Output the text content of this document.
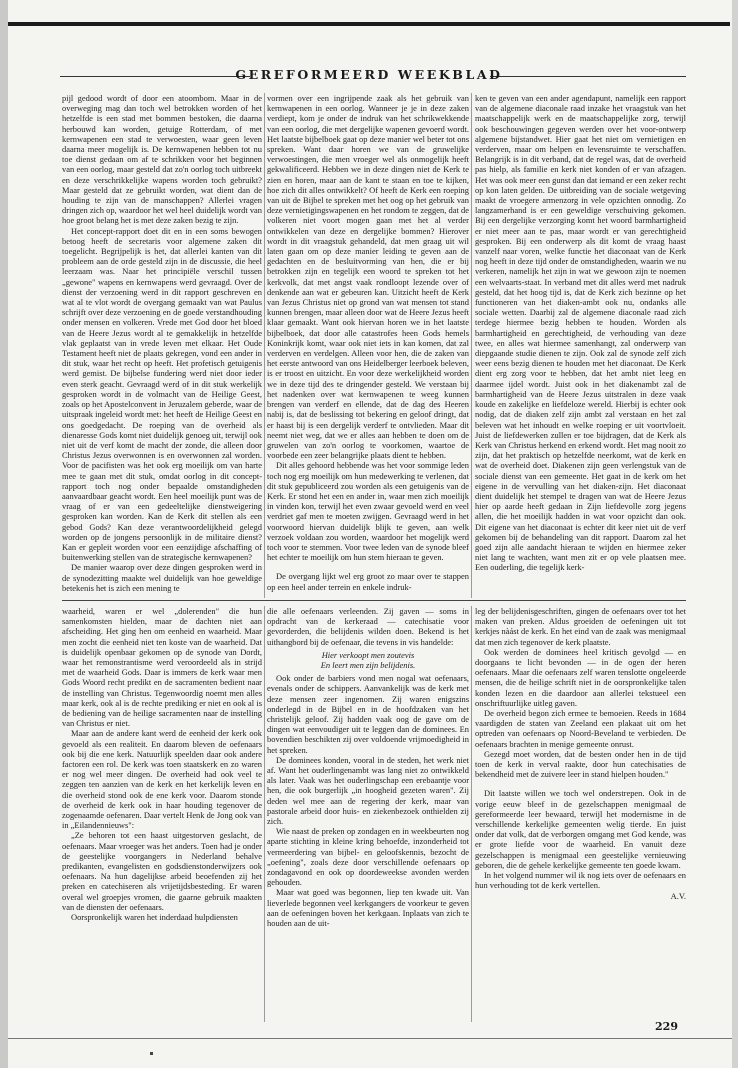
GEREFORMEERD WEEKBLAD

pijl gedood wordt of door een atoombom. Maar in de overweging mag dan toch wel betrokken worden of het hetzelfde is een stad met bommen bestoken, die daarna herbouwd kan worden, getuige Rotterdam, of met kernwapenen een stad te verwoesten, waar geen leven daarna meer mogelijk is. De kernwapenen hebben tot nu toe dienst gedaan om af te schrikken voor het beginnen van een oorlog, maar gesteld dat zo'n oorlog toch uitbreekt en deze verschrikkelijke wapens worden toch gebruikt? Maar gesteld dat ze gebruikt worden, wat dient dan de houding te zijn van de manschappen? Allerlei vragen dringen zich op, waardoor het wel heel duidelijk wordt van hoe groot belang het is met deze zaken bezig te zijn.

Het concept-rapport doet dit en in een soms bewogen betoog heeft de secretaris voor algemene zaken dit toegelicht. Begrijpelijk is het, dat allerlei kanten van dit probleem aan de orde gesteld zijn in de discussie, die heel leerzaam was. Naar het principiële verschil tussen „gewone" wapens en kernwapens werd gevraagd. Over de dienst der verzoening werd in dit rapport geschreven en wat al te vlot wordt de overgang gemaakt van wat Paulus schrijft over deze verzoening en de goede verstandhouding onder mensen en volkeren. Vrede met God door het bloed van de Heere Jezus wordt al te gemakkelijk in hetzelfde vlak geplaatst van in vrede leven met elkaar. Het Oude Testament heeft niet de plaats gekregen, vond een ander in dit stuk, waar het recht op heeft. Het profetisch getuigenis werd gemist. De bijbelse fundering werd niet door ieder even sterk geacht. Gevraagd werd of in dit stuk werkelijk gesproken wordt in de volmacht van de Heilige Geest, zoals op het Apostelconvent in Jeruzalem geberde, waar de uitspraak ingeleid wordt met: het heeft de Heilige Geest en ons goedgedacht. De roeping van de overheid als dienaresse Gods komt niet duidelijk genoeg uit, terwijl ook niet uit de verf komt de macht der zonde, die alleen door Christus Jezus overwonnen is en overwonnen zal worden. Voor de pacifisten was het ook erg moeilijk om van harte mee te gaan met dit stuk, omdat oorlog in dit concept-rapport toch nog onder bepaalde omstandigheden aanvaardbaar geacht wordt. Een heel moeilijk punt was de vraag of er van een gedeeltelijke dienstweigering gesproken kan worden. Kan de Kerk dit stellen als een gebod Gods? Kan deze verantwoordelijkheid gelegd worden op de jongens persoonlijk in de militaire dienst? Kan er gepleit worden voor een eenzijdige afschaffing of buitenwerking stellen van de strategische kernwapenen?

De manier waarop over deze dingen gesproken werd in de synodezitting maakte wel duidelijk van hoe geweldige betekenis het is zich een mening te

vormen over een ingrijpende zaak als het gebruik van kernwapenen in een oorlog. Wanneer je je in deze zaken verdiept, kom je onder de indruk van het schrikwekkende van een oorlog, die met dergelijke wapenen gevoerd wordt. Het laatste bijbelboek gaat op deze manier wel beter tot ons spreken. Want daar horen we van de gruwelijke verwoestingen, die men vroeger wel als onmogelijk heeft gekwalificeerd. Hebben we in deze dingen niet de Kerk te zien en horen, maar aan de kant te staan en toe te kijken, hoe zich dit alles ontwikkelt? Of heeft de Kerk een roeping van uit de Bijbel te spreken met het oog op het gebruik van deze vernietigingswapenen en het rondom te zeggen, dat de volkeren niet voort mogen gaan met het al verder ontwikkelen van deze en dergelijke bommen? Hierover wordt in dit vraagstuk gehandeld, dat men graag uit wil laten gaan om op deze manier leiding te geven aan de gedachten en de besluitvorming van hen, die er bij betrokken zijn en tegelijk een woord te spreken tot het kerkvolk, dat met angst vaak rondloopt lezende over of denkende aan wat er gebeuren kan. Uitzicht heeft de Kerk van Jezus Christus niet op grond van wat mensen tot stand kunnen brengen, maar alleen door wat de Heere Jezus heeft klaar gemaakt. Want ook hiervan horen we in het laatste bijbelboek, dat door alle catastrofes heen Gods hemels Koninkrijk komt, waar ook niet iets in kan komen, dat zal verderven en verdelgen. Alleen voor hen, die de zaken van het eerste antwoord van ons Heidelberger leerboek beleven, is er troost en uitzicht. En voor deze werkelijkheid worden we in deze tijd des te dringender gesteld. We verstaan bij het nadenken over wat kernwapenen te weeg kunnen brengen van verderf en ellende, dat de dag des Heeren nabij is, dat de beslissing tot bekering en geloof dringt, dat er haast bij is een dergelijk verderf te ontvlieden. Maar dit neemt niet weg, dat we er alles aan hebben te doen om de gruwelen van zo'n oorlog te voorkomen, waartoe de voorbede een zeer belangrijke plaats dient te hebben.

Dit alles gehoord hebbende was het voor sommige leden toch nog erg moeilijk om hun medewerking te verlenen, dat dit stuk gepubliceerd zou worden als een getuigenis van de Kerk. Er stond het een en ander in, waar men zich moeilijk in vinden kon, terwijl het even zwaar gevoeld werd en veel verdriet gaf men te moeten zwijgen. Gevraagd werd in het voorwoord hiervan duidelijk blijk te geven, aan welk verzoek voldaan zou worden, waardoor het mogelijk werd toch voor te stemmen. Voor twee leden van de synode bleef het echter te moeilijk om hun stem hieraan te geven.

De overgang lijkt wel erg groot zo maar over te stappen op een heel ander terrein en enkele indruk-

ken te geven van een ander agendapunt, namelijk een rapport van de algemene diaconale raad inzake het vraagstuk van het maatschappelijk werk en de maatschappelijke zorg, terwijl ook beschouwingen gegeven werden over het voor-ontwerp algemene bijstandwet. Hier gaat het niet om vernietigen en verderven, maar om helpen en levensruimte te verschaffen. Belangrijk is in dit verband, dat de regel was, dat de overheid pas hielp, als familie en kerk niet konden of er van afzagen. Het was ook meer een gunst dan dat iemand er een zeker recht op kon laten gelden. De uitbreiding van de sociale wetgeving maakt de vroegere armenzorg in vele opzichten onnodig. Zo langzamerhand is er een geweldige verschuiving gekomen. Bij een dergelijke verzorging komt het woord barmhartigheid er niet meer aan te pas, maar wordt er van gerechtigheid gesproken. Bij een onderwerp als dit komt de vraag haast vanzelf naar voren, welke functie het diaconaat van de Kerk nog heeft in deze tijd onder de omstandigheden, waarin we nu verkeren, namelijk het zijn in wat we gewoon zijn te noemen een welvaarts-staat. In verband met dit alles werd met nadruk gesteld, dat het hoog tijd is, dat de Kerk zich bezinne op het functioneren van het diaken-ambt ook nu, ondanks alle sociale wetten. Daarbij zal de algemene diaconale raad zich terdege hiermee bezig hebben te houden. Worden als barmhartigheid en gerechtigheid, de verhouding van deze twee, en alles wat hiermee samenhangt, zal onderwerp van diepgaande studie dienen te zijn. Ook zal de synode zelf zich weer eens bezig dienen te houden met het diaconaat. De Kerk dient erg zorg voor te hebben, dat het ambt niet leeg en daarmee ijdel wordt. Juist ook in het diakenambt zal de barmhartigheid van de Heere Jezus uitstralen in deze vaak koude en zakelijke en liefdeloze wereld. Hierbij is echter ook nodig, dat de diaken zelf zijn ambt zal verstaan en het zal beleven wat het inhoudt en welke roeping er uit voortvloeit. Juist de liefdewerken zullen er toe bijdragen, dat de Kerk als Kerk van Christus herkend en erkend wordt. Het mag nooit zo zijn, dat het praktisch op hetzelfde neerkomt, wat de kerk en wat de overheid doet. Diakenen zijn geen verlengstuk van de sociale dienst van een gemeente. Het gaat in de kerk om het eigene in de vervulling van het diaken-zijn. Het diaconaat dient duidelijk het stempel te dragen van wat de Heere Jezus hier op aarde heeft gedaan in Zijn liefdevolle zorg jegens allen, die het moeilijk hadden in wat voor opzicht dan ook. Dit eigene van het diaconaat is echter dit keer niet uit de verf gekomen bij de behandeling van dit rapport. Daarom zal het goed zijn alle aandacht hieraan te wijden en hiermee zeker niet lang te wachten, want men zit er op vele plaatsen mee. Een ouderling, die tegelijk kerk-

waarheid, waren er wel „dolerenden" die hun samenkomsten hielden, maar de dachten niet aan afscheiding. Het ging hen om eenheid en waarheid. Maar men zocht die eenheid niet ten koste van de waarheid. Dat is duidelijk openbaar gekomen op de synode van Dordt, waar het remonstrantisme werd veroordeeld als in strijd met de waarheid Gods. Daar is immers de kerk waar men Gods Woord recht predikt en de sacramenten bedient naar de instelling van Christus. Tegenwoordig noemt men alles maar kerk, ook al is de rechte prediking er niet en ook al is de bediening van de heilige sacramenten naar de instelling van Christus er niet.

Maar aan de andere kant werd de eenheid der kerk ook gevoeld als een realiteit. En daarom bleven de oefenaars ook bij die ene kerk. Natuurlijk speelden daar ook andere factoren een rol. De kerk was toen staatskerk en zo waren er nog wel meer dingen. De overheid had ook veel te zeggen ten aanzien van de kerk en het kerkelijk leven en die overheid stond ook de ene kerk voor. Daarom stonde de overheid de kerk ook in haar houding tegenover de zogenaamde oefenaren. Daar vertelt Henk de Jong ook van in „Eilandennieuws":

„Ze behoren tot een haast uitgestorven geslacht, de oefenaars. Maar vroeger was het anders. Toen had je onder de geestelijke voorgangers in Nederland behalve predikanten, evangelisten en godsdienstonderwijzers ook oefenaars. Na hun dagelijkse arbeid beoefenden zij het preken en catechiseren als vrijetijdsbesteding. Er waren overal wel groepjes vromen, die gaarne gebruik maakten van de diensten der oefenaars.

Oorspronkelijk waren het inderdaad hulpdiensten

die alle oefenaars verleenden. Zij gaven — soms in opdracht van de kerkeraad — catechisatie voor gevorderden, die belijdenis wilden doen. Bekend is het uithangbord bij de oefenaar, die tevens in vis handelde:

Hier verkoopt men zoutevis
En leert men zijn belijdenis.

Ook onder de barbiers vond men nogal wat oefenaars, evenals onder de schippers. Aanvankelijk was de kerk met deze mensen zeer ingenomen. Zij waren enigszins onderlegd in de Bijbel en in de hoofdzaken van het christelijk geloof. Zij hadden vaak oog de gave om de dingen wat eenvoudiger uit te leggen dan de dominees. En bovendien beschikten zij over voldoende vrijmoedigheid in het spreken.

De dominees konden, vooral in de steden, het werk niet af. Want het ouderlingenambt was lang niet zo ontwikkeld als later. Vaak was het ouderlingschap een erebaantje voor hen, die ook burgerlijk „in hoogheid gezeten waren". Zij deden wel mee aan de regering der kerk, maar van pastorale arbeid door huis- en ziekenbezoek onthielden zij zich.

Wie naast de preken op zondagen en in weekbeurten nog aparte stichting in kleine kring behoefde, inzonderheid tot vermeerdering van bijbel- en geloofskennis, bezocht de „oefening", zoals deze door verschillende oefenaars op zondagavond en ook op doordeweekse avonden werden gehouden.

Maar wat goed was begonnen, liep ten kwade uit. Van lieverlede begonnen veel kerkgangers de voorkeur te geven aan de oefeningen boven het kerkgaan. Inplaats van zich te houden aan de uit-

leg der belijdenisgeschriften, gingen de oefenaars over tot het maken van preken. Aldus groeiden de oefeningen uit tot kerkjes nàást de kerk. En het eind van de zaak was menigmaal dat men zich tegenover de kerk plaatste.

Ook werden de dominees heel kritisch gevolgd — en doorgaans te licht bevonden — in de ogen der heren oefenaars. Maar die oefenaars zelf waren tenslotte ongeleerde mensen, die de heilige schrift niet in de oorspronkelijke talen konden lezen en die daardoor aan allerlei tekstueel een onschriftuurlijke uitleg gaven.

De overheid begon zich ermee te bemoeien. Reeds in 1684 vaardigden de staten van Zeeland een plakaat uit om het optreden van oefenaars op Noord-Beveland te verbieden. De oefenaars brachten in menige gemeente onrust.

Gezegd moet worden, dat de besten onder hen in de tijd toen de kerk in verval raakte, door hun catechisaties de bekendheid met de zuivere leer in stand hielpen houden."

Dit laatste willen we toch wel onderstrepen. Ook in de vorige eeuw bleef in de gezelschappen menigmaal de gereformeerde leer bewaard, terwijl het modernisme in de verschillende kerkelijke gemeenten welig tierde. En juist onder dat volk, dat de verborgen omgang met God kende, was er grote liefde voor de waarheid. En vanuit deze gezelschappen is menigmaal een geestelijke vernieuwing geboren, die de gehele kerkelijke gemeente ten goede kwam.

In het volgend nummer wil ik nog iets over de oefenaars en hun verhouding tot de kerk vertellen.

A.V.
229
